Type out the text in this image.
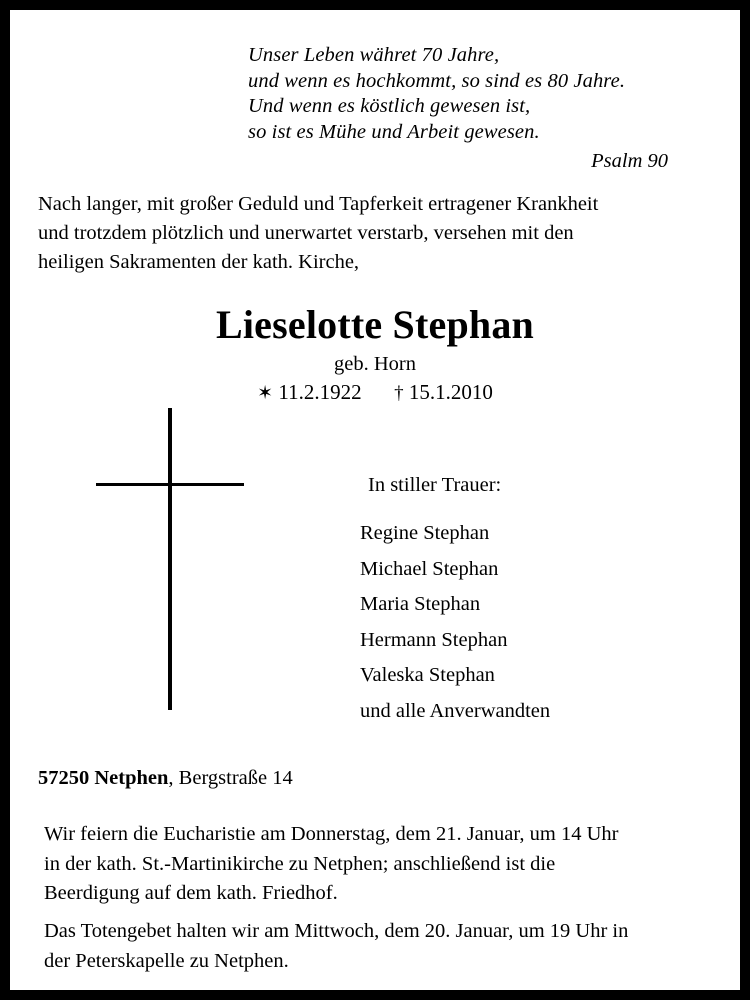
Unser Leben währet 70 Jahre,
und wenn es hochkommt, so sind es 80 Jahre.
Und wenn es köstlich gewesen ist,
so ist es Mühe und Arbeit gewesen.
Psalm 90
Nach langer, mit großer Geduld und Tapferkeit ertragener Krankheit
und trotzdem plötzlich und unerwartet verstarb, versehen mit den
heiligen Sakramenten der kath. Kirche,
Lieselotte Stephan
geb. Horn
✶ 11.2.1922 † 15.1.2010
In stiller Trauer:
Regine Stephan
Michael Stephan
Maria Stephan
Hermann Stephan
Valeska Stephan
und alle Anverwandten
57250 Netphen, Bergstraße 14
Wir feiern die Eucharistie am Donnerstag, dem 21. Januar, um 14 Uhr
in der kath. St.-Martinikirche zu Netphen; anschließend ist die
Beerdigung auf dem kath. Friedhof.
Das Totengebet halten wir am Mittwoch, dem 20. Januar, um 19 Uhr in
der Peterskapelle zu Netphen.
